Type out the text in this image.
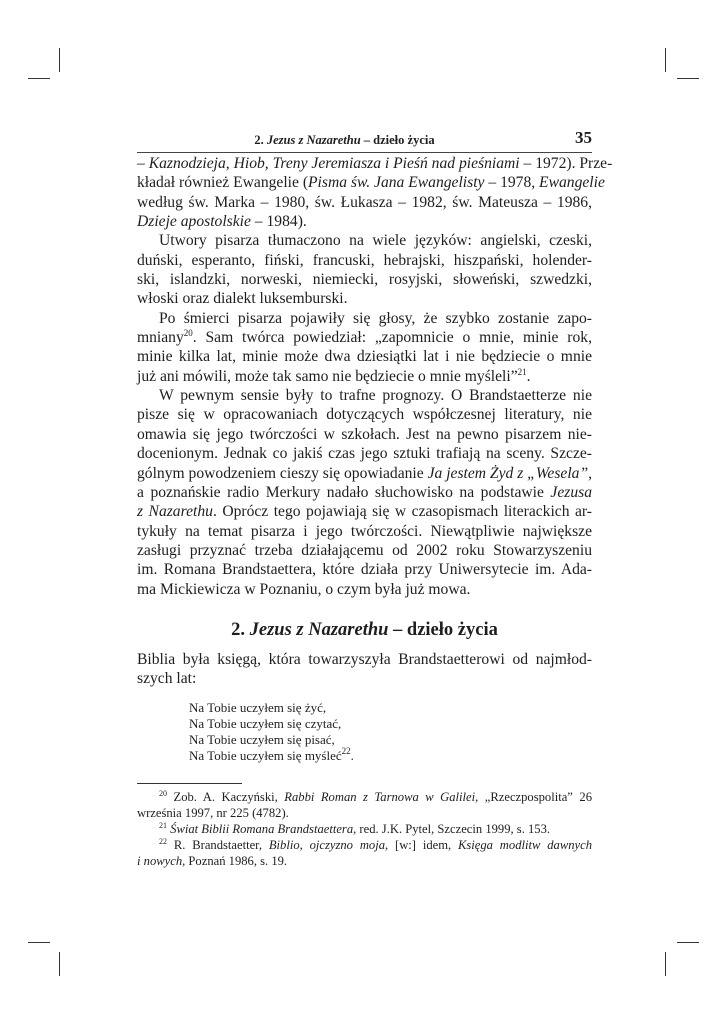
2. Jezus z Nazarethu – dzieło życia	35
– Kaznodzieja, Hiob, Treny Jeremiasza i Pieśń nad pieśniami – 1972). Prze-
kładał również Ewangelie (Pisma św. Jana Ewangelisty – 1978, Ewangelie
według św. Marka – 1980, św. Łukasza – 1982, św. Mateusza – 1986,
Dzieje apostolskie – 1984).
Utwory pisarza tłumaczono na wiele języków: angielski, czeski,
duński, esperanto, fiński, francuski, hebrajski, hiszpański, holender-
ski, islandzki, norweski, niemiecki, rosyjski, słoweński, szwedzki,
włoski oraz dialekt luksemburski.
Po śmierci pisarza pojawiły się głosy, że szybko zostanie zapo-
mniany$^{20}$. Sam twórca powiedział: „zapomnicie o mnie, minie rok,
minie kilka lat, minie może dwa dziesiątki lat i nie będziecie o mnie
już ani mówili, może tak samo nie będziecie o mnie myśleli”$^{21}$.
W pewnym sensie były to trafne prognozy. O Brandstaetterze nie
pisze się w opracowaniach dotyczących współczesnej literatury, nie
omawia się jego twórczości w szkołach. Jest na pewno pisarzem nie-
docenionym. Jednak co jakiś czas jego sztuki trafiają na sceny. Szcze-
gólnym powodzeniem cieszy się opowiadanie Ja jestem Żyd z „Wesela”,
a poznańskie radio Merkury nadało słuchowisko na podstawie Jezusa
z Nazarethu. Oprócz tego pojawiają się w czasopismach literackich ar-
tykuły na temat pisarza i jego twórczości. Niewątpliwie największe
zasługi przyznać trzeba działającemu od 2002 roku Stowarzyszeniu
im. Romana Brandstaettera, które działa przy Uniwersytecie im. Ada-
ma Mickiewicza w Poznaniu, o czym była już mowa.
2. Jezus z Nazarethu – dzieło życia
Biblia była księgą, która towarzyszyła Brandstaetterowi od najmłod-
szych lat:
Na Tobie uczyłem się żyć,
Na Tobie uczyłem się czytać,
Na Tobie uczyłem się pisać,
Na Tobie uczyłem się myśleć$^{22}$.
$^{20}$ Zob. A. Kaczyński, Rabbi Roman z Tarnowa w Galilei, „Rzeczpospolita” 26
września 1997, nr 225 (4782).
$^{21}$ Świat Biblii Romana Brandstaettera, red. J.K. Pytel, Szczecin 1999, s. 153.
$^{22}$ R. Brandstaetter, Biblio, ojczyzno moja, [w:] idem, Księga modlitw dawnych
i nowych, Poznań 1986, s. 19.
